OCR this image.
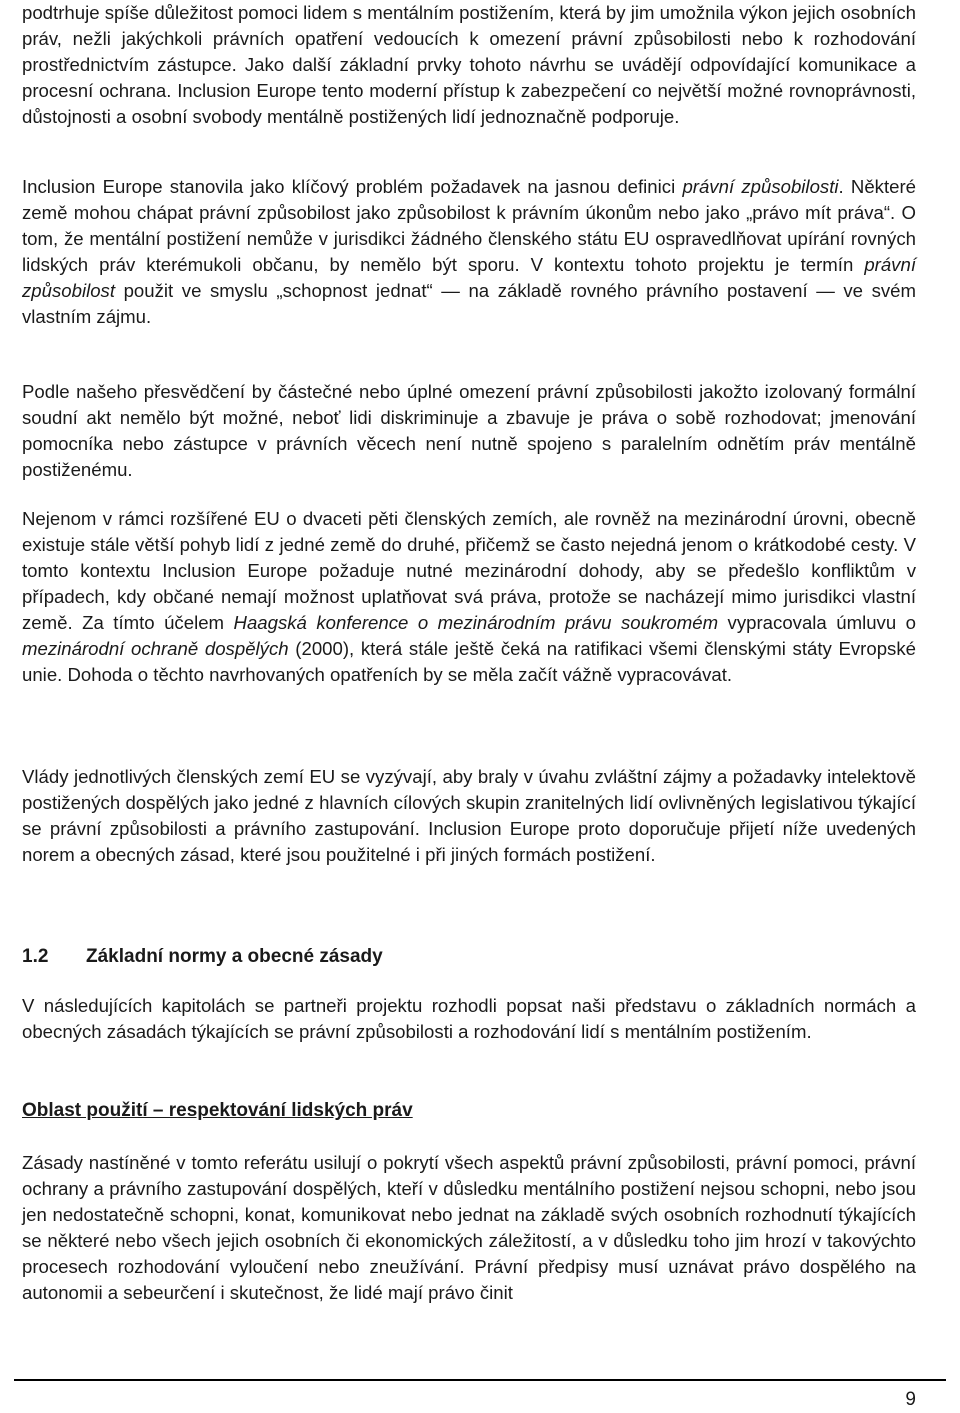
podtrhuje spíše důležitost pomoci lidem s mentálním postižením, která by jim umožnila výkon jejich osobních práv, nežli jakýchkoli právních opatření vedoucích k omezení právní způsobilosti nebo k rozhodování prostřednictvím zástupce. Jako další základní prvky tohoto návrhu se uvádějí odpovídající komunikace a procesní ochrana. Inclusion Europe tento moderní přístup k zabezpečení co největší možné rovnoprávnosti, důstojnosti a osobní svobody mentálně postižených lidí jednoznačně podporuje.

Inclusion Europe stanovila jako klíčový problém požadavek na jasnou definici právní způsobilosti. Některé země mohou chápat právní způsobilost jako způsobilost k právním úkonům nebo jako „právo mít práva“. O tom, že mentální postižení nemůže v jurisdikci žádného členského státu EU ospravedlňovat upírání rovných lidských práv kterémukoli občanu, by nemělo být sporu. V kontextu tohoto projektu je termín právní způsobilost použit ve smyslu „schopnost jednat“ — na základě rovného právního postavení — ve svém vlastním zájmu.

Podle našeho přesvědčení by částečné nebo úplné omezení právní způsobilosti jakožto izolovaný formální soudní akt nemělo být možné, neboť lidi diskriminuje a zbavuje je práva o sobě rozhodovat; jmenování pomocníka nebo zástupce v právních věcech není nutně spojeno s paralelním odnětím práv mentálně postiženému.

Nejenom v rámci rozšířené EU o dvaceti pěti členských zemích, ale rovněž na mezinárodní úrovni, obecně existuje stále větší pohyb lidí z jedné země do druhé, přičemž se často nejedná jenom o krátkodobé cesty. V tomto kontextu Inclusion Europe požaduje nutné mezinárodní dohody, aby se předešlo konfliktům v případech, kdy občané nemají možnost uplatňovat svá práva, protože se nacházejí mimo jurisdikci vlastní země. Za tímto účelem Haagská konference o mezinárodním právu soukromém vypracovala úmluvu o mezinárodní ochraně dospělých (2000), která stále ještě čeká na ratifikaci všemi členskými státy Evropské unie. Dohoda o těchto navrhovaných opatřeních by se měla začít vážně vypracovávat.

Vlády jednotlivých členských zemí EU se vyzývají, aby braly v úvahu zvláštní zájmy a požadavky intelektově postižených dospělých jako jedné z hlavních cílových skupin zranitelných lidí ovlivněných legislativou týkající se právní způsobilosti a právního zastupování. Inclusion Europe proto doporučuje přijetí níže uvedených norem a obecných zásad, které jsou použitelné i při jiných formách postižení.

1.2 Základní normy a obecné zásady

V následujících kapitolách se partneři projektu rozhodli popsat naši představu o základních normách a obecných zásadách týkajících se právní způsobilosti a rozhodování lidí s mentálním postižením.

Oblast použití – respektování lidských práv

Zásady nastíněné v tomto referátu usilují o pokrytí všech aspektů právní způsobilosti, právní pomoci, právní ochrany a právního zastupování dospělých, kteří v důsledku mentálního postižení nejsou schopni, nebo jsou jen nedostatečně schopni, konat, komunikovat nebo jednat na základě svých osobních rozhodnutí týkajících se některé nebo všech jejich osobních či ekonomických záležitostí, a v důsledku toho jim hrozí v takovýchto procesech rozhodování vyloučení nebo zneužívání. Právní předpisy musí uznávat právo dospělého na autonomii a sebeurčení i skutečnost, že lidé mají právo činit

9
